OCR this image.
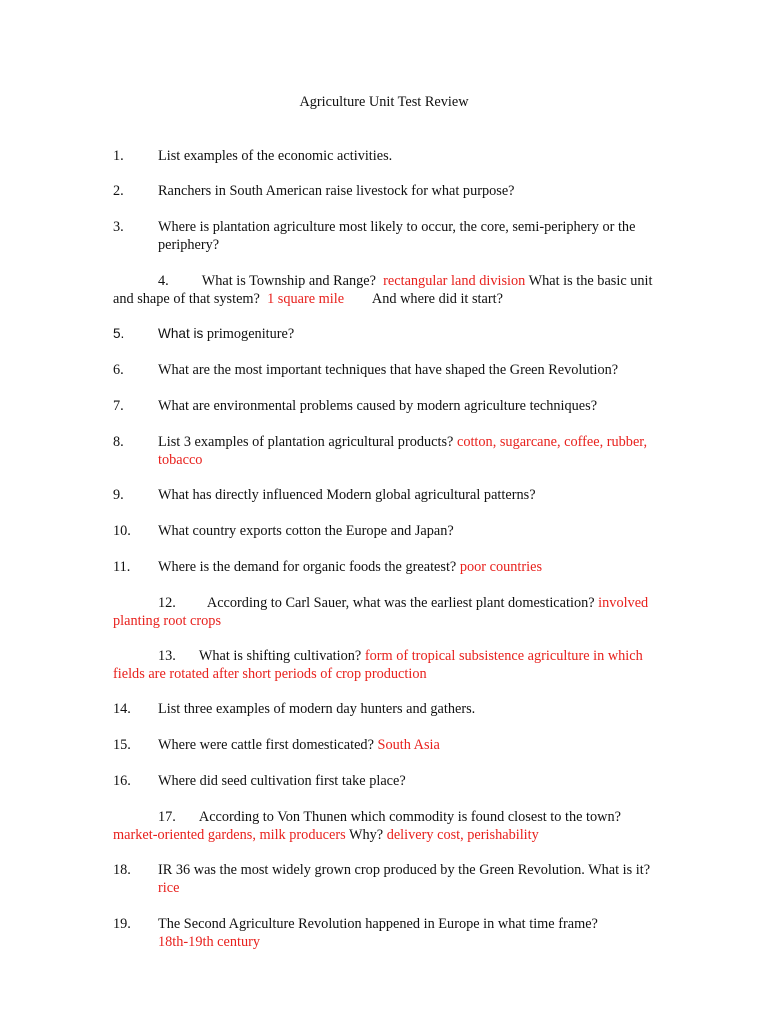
Agriculture Unit Test Review
1. List examples of the economic activities.
2. Ranchers in South American raise livestock for what purpose?
3. Where is plantation agriculture most likely to occur, the core, semi-periphery or the periphery?
4. What is Township and Range? rectangular land division What is the basic unit and shape of that system? 1 square mile And where did it start?
5. What is primogeniture?
6. What are the most important techniques that have shaped the Green Revolution?
7. What are environmental problems caused by modern agriculture techniques?
8. List 3 examples of plantation agricultural products? cotton, sugarcane, coffee, rubber, tobacco
9. What has directly influenced Modern global agricultural patterns?
10. What country exports cotton the Europe and Japan?
11. Where is the demand for organic foods the greatest? poor countries
12. According to Carl Sauer, what was the earliest plant domestication? involved planting root crops
13. What is shifting cultivation? form of tropical subsistence agriculture in which fields are rotated after short periods of crop production
14. List three examples of modern day hunters and gathers.
15. Where were cattle first domesticated? South Asia
16. Where did seed cultivation first take place?
17. According to Von Thunen which commodity is found closest to the town? market-oriented gardens, milk producers Why? delivery cost, perishability
18. IR 36 was the most widely grown crop produced by the Green Revolution. What is it? rice
19. The Second Agriculture Revolution happened in Europe in what time frame?
18th-19th century
